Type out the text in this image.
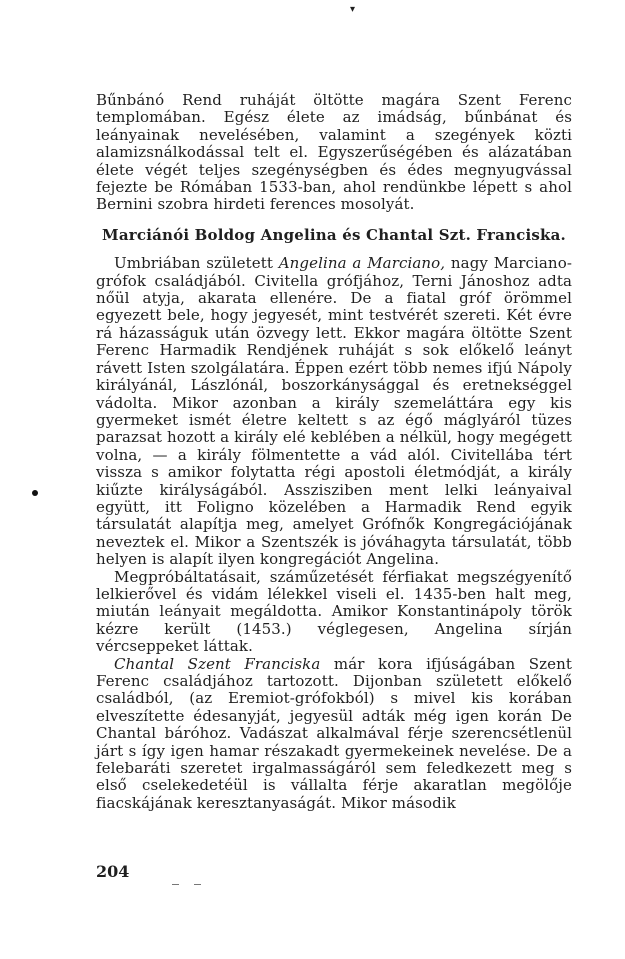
▾

Bűnbánó Rend ruháját öltötte magára Szent Ferenc templomában. Egész élete az imádság, bűnbánat és leányainak nevelésében, valamint a szegények közti alamizsnálkodással telt el. Egyszerűségében és alázatában élete végét teljes szegénységben és édes megnyugvással fejezte be Rómában 1533-ban, ahol rendünkbe lépett s ahol Bernini szobra hirdeti ferences mosolyát.

Marciánói Boldog Angelina és Chantal Szt. Franciska.

Umbriában született Angelina a Marciano, nagy Marciano-grófok családjából. Civitella grófjához, Terni Jánoshoz adta nőül atyja, akarata ellenére. De a fiatal gróf örömmel egyezett bele, hogy jegyesét, mint testvérét szereti. Két évre rá házasságuk után özvegy lett. Ekkor magára öltötte Szent Ferenc Harmadik Rendjének ruháját s sok előkelő leányt rávett Isten szolgálatára. Éppen ezért több nemes ifjú Nápoly királyánál, Lászlónál, boszorkánysággal és eretnekséggel vádolta. Mikor azonban a király szemeláttára egy kis gyermeket ismét életre keltett s az égő máglyáról tüzes parazsat hozott a király elé keblében a nélkül, hogy megégett volna, — a király fölmentette a vád alól. Civitellába tért vissza s amikor folytatta régi apostoli életmódját, a király kiűzte királyságából. Asszisziben ment lelki leányaival együtt, itt Foligno közelében a Harmadik Rend egyik társulatát alapítja meg, amelyet Grófnők Kongregációjának neveztek el. Mikor a Szentszék is jóváhagyta társulatát, több helyen is alapít ilyen kongregációt Angelina.

Megpróbáltatásait, száműzetését férfiakat megszégyenítő lelkierővel és vidám lélekkel viseli el. 1435-ben halt meg, miután leányait megáldotta. Amikor Konstantinápoly török kézre került (1453.) véglegesen, Angelina sírján vércseppeket láttak.

Chantal Szent Franciska már kora ifjúságában Szent Ferenc családjához tartozott. Dijonban született előkelő családból, (az Eremiot-grófokból) s mivel kis korában elveszítette édesanyját, jegyesül adták még igen korán De Chantal báróhoz. Vadászat alkalmával férje szerencsétlenül járt s így igen hamar részakadt gyermekeinek nevelése. De a felebaráti szeretet irgalmasságáról sem feledkezett meg s első cselekedetéül is vállalta férje akaratlan megölője fiacskájának keresztanyaságát. Mikor második

204
